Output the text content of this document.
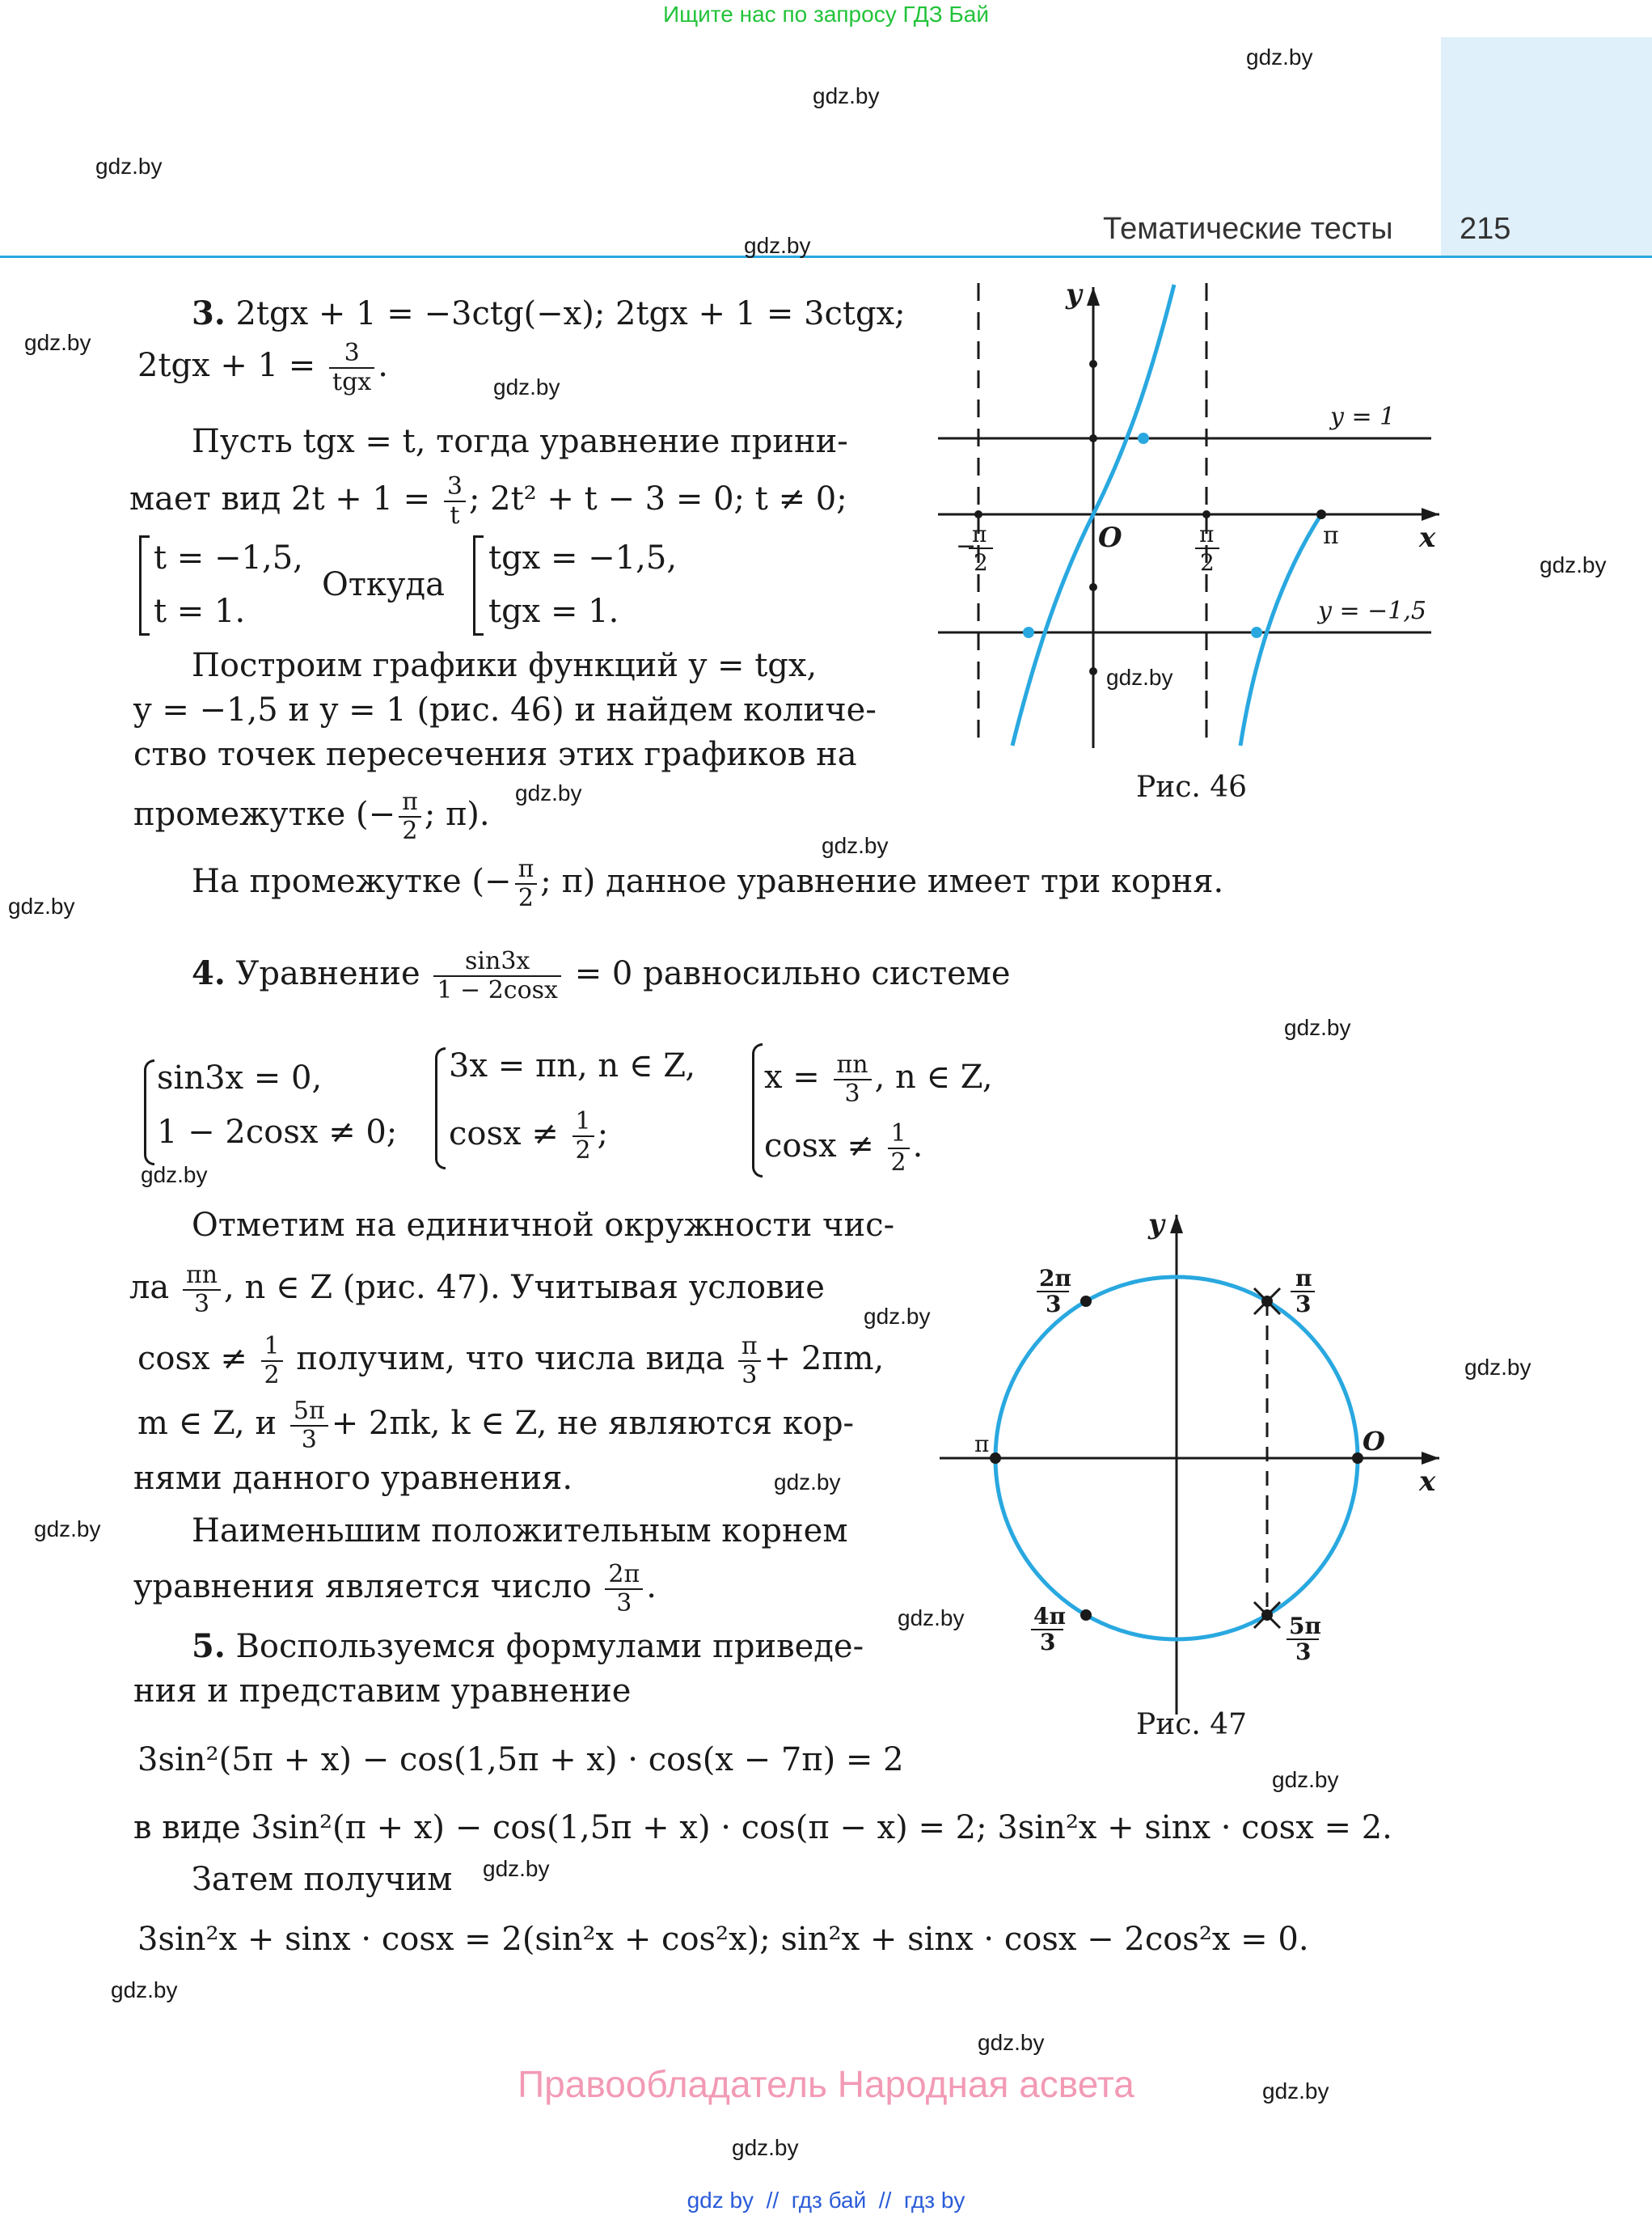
Ищите нас по запросу ГДЗ Бай
Тематические тесты 215
gdz.by
gdz.by
gdz.by
gdz.by
gdz.by
gdz.by
gdz.by
gdz.by
gdz.by
gdz.by
gdz.by
gdz.by
gdz.by
gdz.by
gdz.by
gdz.by
gdz.by
gdz.by
gdz.by
gdz.by
gdz.by
gdz.by
gdz.by
gdz.by
3. 2tgx + 1 = −3ctg(−x); 2tgx + 1 = 3ctgx;
$2tgx + 1 = \frac{3}{\text{tgx}}$ .
Пусть tgx = t, тогда уравнение прини-
мает вид $2t + 1 = \frac{3}{t}$ ; 2t² + t − 3 = 0; t ≠ 0;
t = −1,5,
t = 1.
Откуда
tgx = −1,5,
tgx = 1.
Построим графики функций y = tgx,
y = −1,5 и y = 1 (рис. 46) и найдем количе-
ство точек пересечения этих графиков на
промежутке (− $\frac{\pi}{2}$ ; π).
На промежутке (− $\frac{\pi}{2}$ ; π) данное уравнение имеет три корня.
y
x
O
y = 1
y = −1,5
−
π
2
π
2
π
Рис. 46
4. Уравнение $\frac{\sin 3x}{1 - 2\cos x} = 0$ равносильно системе
sin3x = 0,
1 − 2cosx ≠ 0;
3x = πn, n ∈ Z,
$\cos x \ne \frac{1}{2}$ ;
$x = \frac{\pi n}{3}$ , n ∈ Z,
$\cos x \ne \frac{1}{2}$ .
Отметим на единичной окружности чис-
ла $\frac{\pi n}{3}$ , n ∈ Z (рис. 47). Учитывая условие
$\cos x \ne \frac{1}{2}$ получим, что числа вида $\frac{\pi}{3} + 2\pi m$,
m ∈ Z, и $\frac{5\pi}{3} + 2\pi k$, k ∈ Z, не являются кор-
нями данного уравнения.
Наименьшим положительным корнем
уравнения является число $\frac{2\pi}{3}$ .
y
x
π	O
2π
3
π
3
4π
3
5π
3
Рис. 47
5. Воспользуемся формулами приведе-
ния и представим уравнение
3sin²(5π + x) − cos(1,5π + x) · cos(x − 7π) = 2
в виде 3sin²(π + x) − cos(1,5π + x) · cos(π − x) = 2; 3sin²x + sinx · cosx = 2.
Затем получим
3sin²x + sinx · cosx = 2(sin²x + cos²x); sin²x + sinx · cosx − 2cos²x = 0.
Правообладатель Народная асвета
gdz by  //  гдз бай  //  гдз by
